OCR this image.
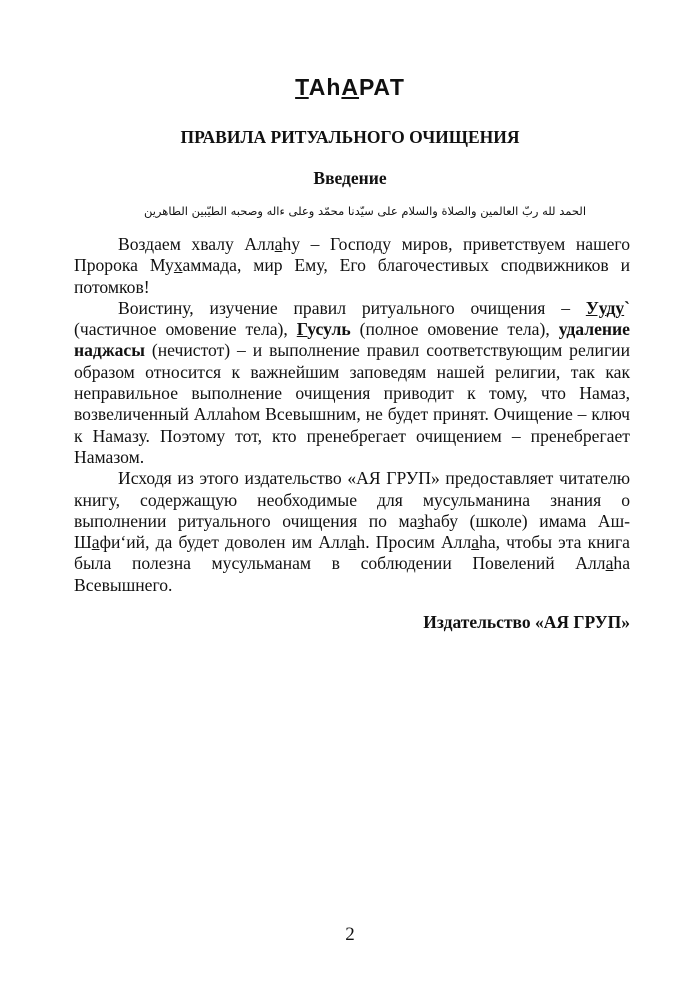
ТАhАРАТ
ПРАВИЛА РИТУАЛЬНОГО ОЧИЩЕНИЯ
Введение
الحمد لله ربّ العالمين والصلاة والسلام على سيّدنا محمّد وعلى ءاله وصحبه الطيّبين الطاهرين

Воздаем хвалу Аллаhу – Господу миров, приветствуем нашего Пророка Мухаммада, мир Ему, Его благочестивых сподвижников и потомков!

Воистину, изучение правил ритуального очищения – Ууду` (частичное омовение тела), Гусуль (полное омовение тела), удаление наджасы (нечистот) – и выполнение правил соответствующим религии образом относится к важнейшим заповедям нашей религии, так как неправильное выполнение очищения приводит к тому, что Намаз, возвеличенный Аллаhом Всевышним, не будет принят. Очищение – ключ к Намазу. Поэтому тот, кто пренебрегает очищением – пренебрегает Намазом.

Исходя из этого издательство «АЯ ГРУП» предоставляет читателю книгу, содержащую необходимые для мусульманина знания о выполнении ритуального очищения по мазhабу (школе) имама Аш-Шафи‘ий, да будет доволен им Аллаh. Просим Аллаhа, чтобы эта книга была полезна мусульманам в соблюдении Повелений Аллаhа Всевышнего.

Издательство «АЯ ГРУП»
2
